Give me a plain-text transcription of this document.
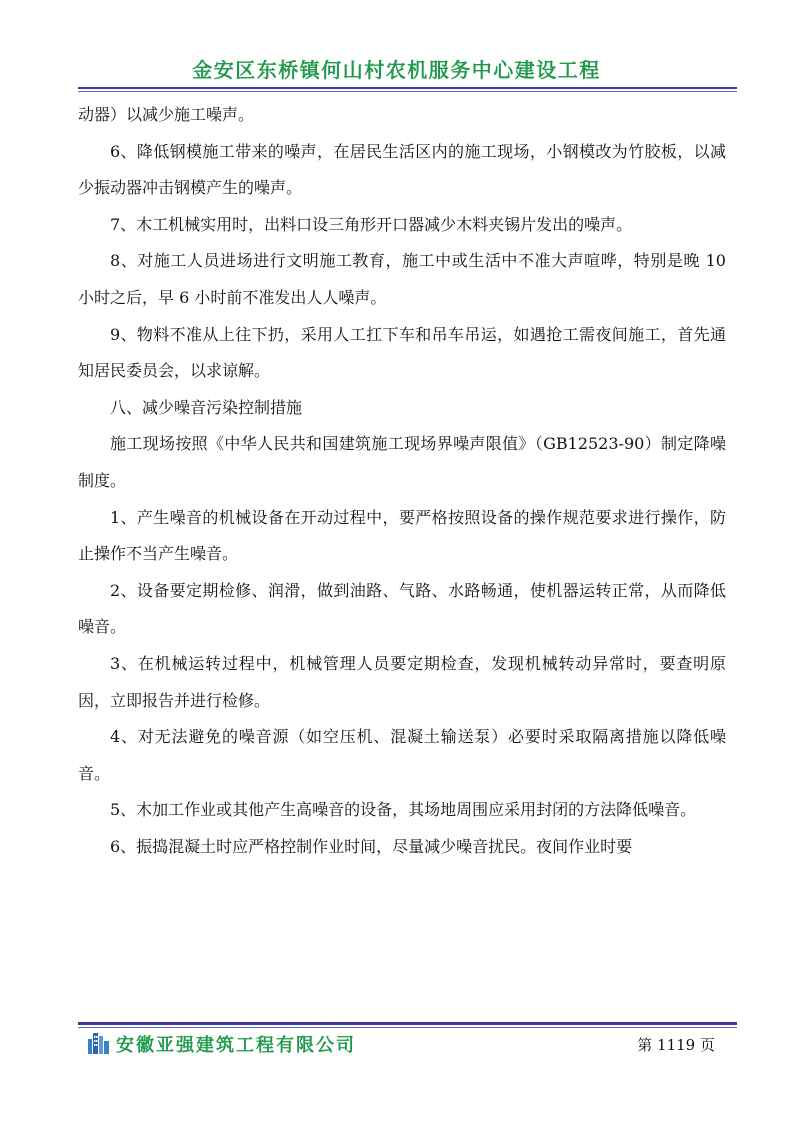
金安区东桥镇何山村农机服务中心建设工程

动器）以减少施工噪声。

6、降低钢模施工带来的噪声，在居民生活区内的施工现场，小钢模改为竹胶板，以减少振动器冲击钢模产生的噪声。

7、木工机械实用时，出料口设三角形开口器减少木料夹锡片发出的噪声。

8、对施工人员进场进行文明施工教育，施工中或生活中不准大声喧哗，特别是晚 10 小时之后，早 6 小时前不准发出人人噪声。

9、物料不准从上往下扔，采用人工扛下车和吊车吊运，如遇抢工需夜间施工，首先通知居民委员会，以求谅解。

八、减少噪音污染控制措施

施工现场按照《中华人民共和国建筑施工现场界噪声限值》（GB12523-90）制定降噪制度。

1、产生噪音的机械设备在开动过程中，要严格按照设备的操作规范要求进行操作，防止操作不当产生噪音。

2、设备要定期检修、润滑，做到油路、气路、水路畅通，使机器运转正常，从而降低噪音。

3、在机械运转过程中，机械管理人员要定期检查，发现机械转动异常时，要查明原因，立即报告并进行检修。

4、对无法避免的噪音源（如空压机、混凝土输送泵）必要时采取隔离措施以降低噪音。

5、木加工作业或其他产生高噪音的设备，其场地周围应采用封闭的方法降低噪音。

6、振捣混凝土时应严格控制作业时间，尽量减少噪音扰民。夜间作业时要

安徽亚强建筑工程有限公司	第 1119 页
